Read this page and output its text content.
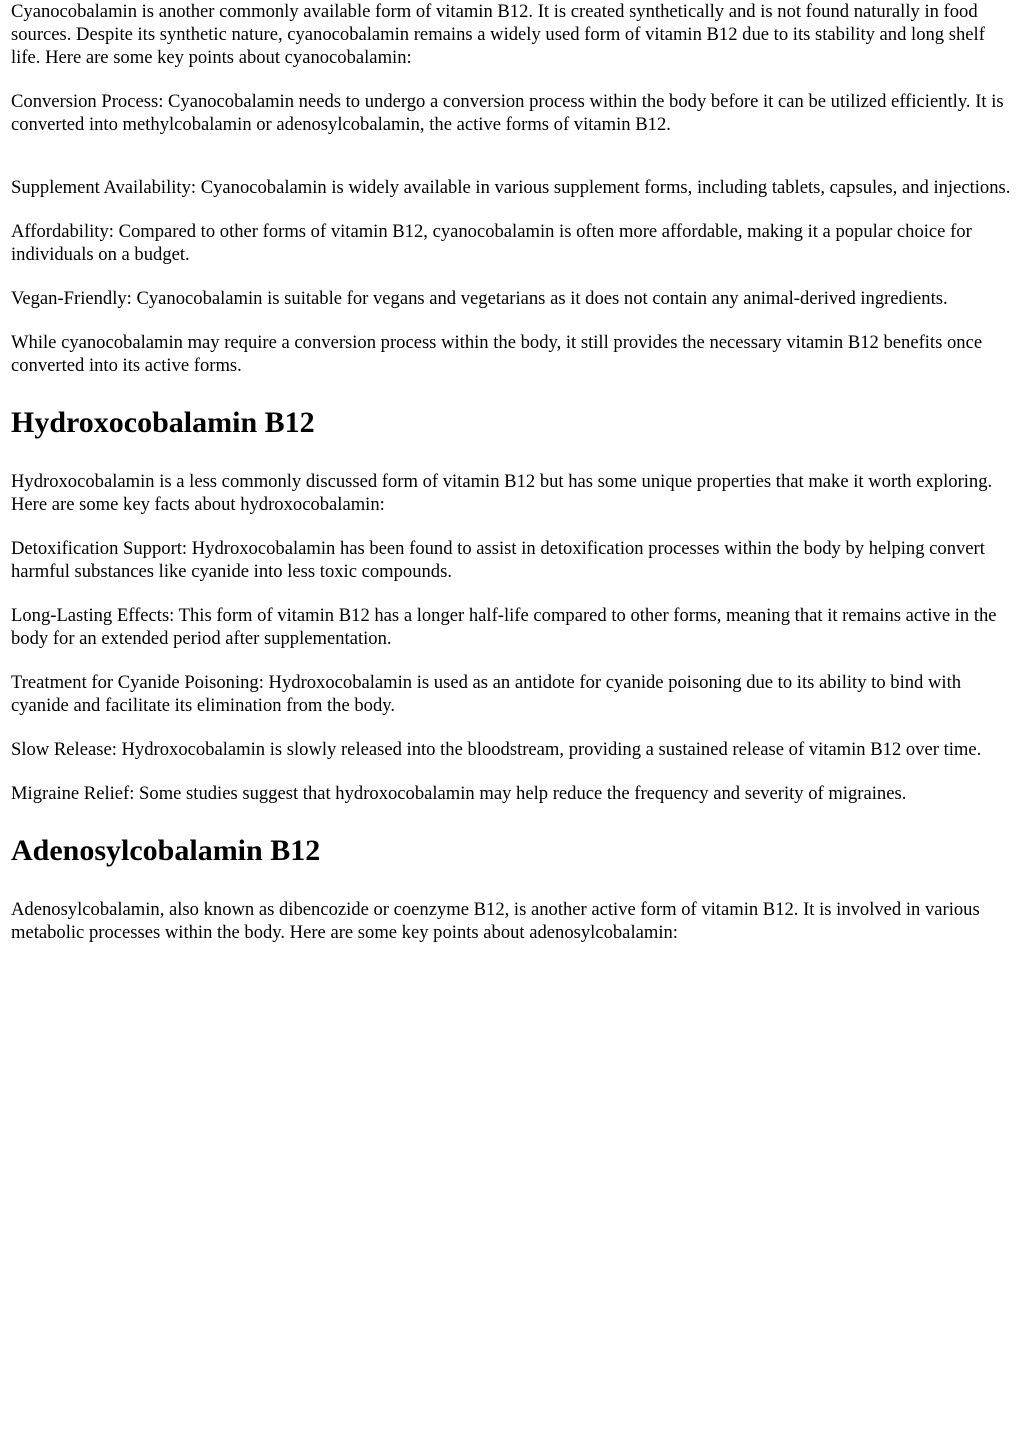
Cyanocobalamin is another commonly available form of vitamin B12. It is created synthetically and is not found naturally in food sources. Despite its synthetic nature, cyanocobalamin remains a widely used form of vitamin B12 due to its stability and long shelf life. Here are some key points about cyanocobalamin:

Conversion Process: Cyanocobalamin needs to undergo a conversion process within the body before it can be utilized efficiently. It is converted into methylcobalamin or adenosylcobalamin, the active forms of vitamin B12.

Supplement Availability: Cyanocobalamin is widely available in various supplement forms, including tablets, capsules, and injections.

Affordability: Compared to other forms of vitamin B12, cyanocobalamin is often more affordable, making it a popular choice for individuals on a budget.

Vegan-Friendly: Cyanocobalamin is suitable for vegans and vegetarians as it does not contain any animal-derived ingredients.

While cyanocobalamin may require a conversion process within the body, it still provides the necessary vitamin B12 benefits once converted into its active forms.

Hydroxocobalamin B12

Hydroxocobalamin is a less commonly discussed form of vitamin B12 but has some unique properties that make it worth exploring. Here are some key facts about hydroxocobalamin:

Detoxification Support: Hydroxocobalamin has been found to assist in detoxification processes within the body by helping convert harmful substances like cyanide into less toxic compounds.

Long-Lasting Effects: This form of vitamin B12 has a longer half-life compared to other forms, meaning that it remains active in the body for an extended period after supplementation.

Treatment for Cyanide Poisoning: Hydroxocobalamin is used as an antidote for cyanide poisoning due to its ability to bind with cyanide and facilitate its elimination from the body.

Slow Release: Hydroxocobalamin is slowly released into the bloodstream, providing a sustained release of vitamin B12 over time.

Migraine Relief: Some studies suggest that hydroxocobalamin may help reduce the frequency and severity of migraines.

Adenosylcobalamin B12

Adenosylcobalamin, also known as dibencozide or coenzyme B12, is another active form of vitamin B12. It is involved in various metabolic processes within the body. Here are some key points about adenosylcobalamin:
